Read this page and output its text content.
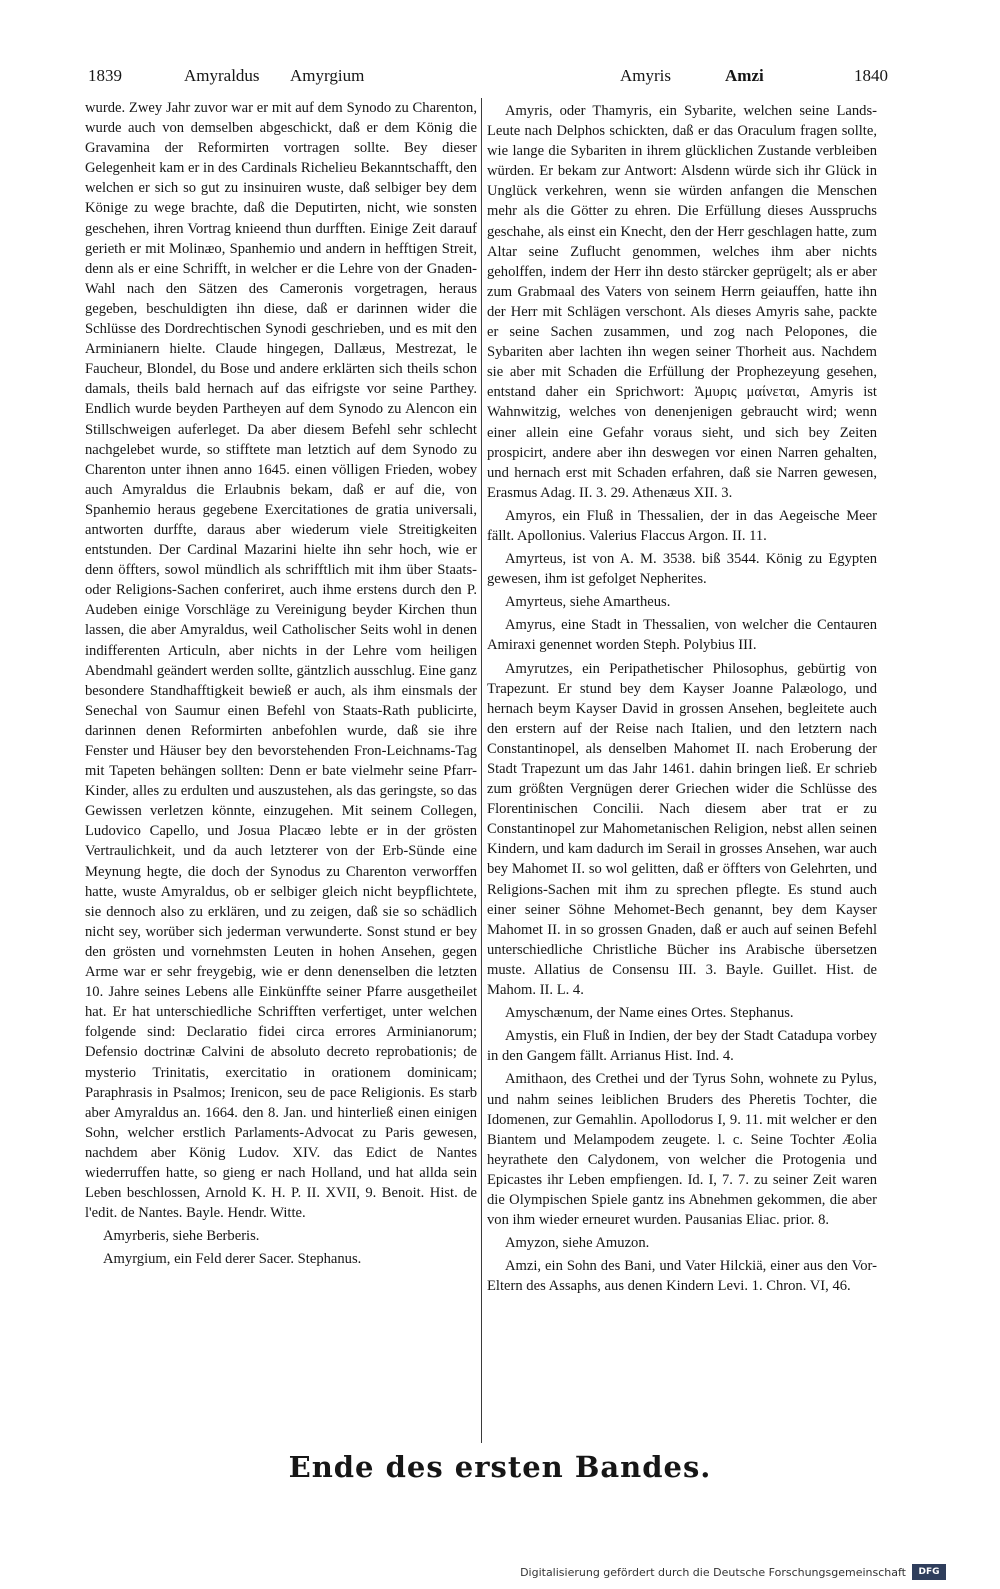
1839	Amyraldus Amyrgium	Amyris	Amzi	1840

wurde. Zwey Jahr zuvor war er mit auf dem Synodo zu Charenton, wurde auch von demselben abgeschickt, daß er dem König die Gravamina der Reformirten vortragen sollte. Bey dieser Gelegenheit kam er in des Cardinals Richelieu Bekanntschafft, den welchen er sich so gut zu insinuiren wuste, daß selbiger bey dem Könige zu wege brachte, daß die Deputirten, nicht, wie sonsten geschehen, ihren Vortrag knieend thun durfften. Einige Zeit darauf gerieth er mit Molinæo, Spanhemio und andern in hefftigen Streit, denn als er eine Schrifft, in welcher er die Lehre von der Gnaden-Wahl nach den Sätzen des Cameronis vorgetragen, heraus gegeben, beschuldigten ihn diese, daß er darinnen wider die Schlüsse des Dordrechtischen Synodi geschrieben, und es mit den Arminianern hielte. Claude hingegen, Dallæus, Mestrezat, le Faucheur, Blondel, du Bose und andere erklärten sich theils schon damals, theils bald hernach auf das eifrigste vor seine Parthey. Endlich wurde beyden Partheyen auf dem Synodo zu Alencon ein Stillschweigen auferleget. Da aber diesem Befehl sehr schlecht nachgelebet wurde, so stifftete man letztich auf dem Synodo zu Charenton unter ihnen anno 1645. einen völligen Frieden, wobey auch Amyraldus die Erlaubnis bekam, daß er auf die, von Spanhemio heraus gegebene Exercitationes de gratia universali, antworten durffte, daraus aber wiederum viele Streitigkeiten entstunden. Der Cardinal Mazarini hielte ihn sehr hoch, wie er denn öffters, sowol mündlich als schrifftlich mit ihm über Staats- oder Religions-Sachen conferiret, auch ihme erstens durch den P. Audeben einige Vorschläge zu Vereinigung beyder Kirchen thun lassen, die aber Amyraldus, weil Catholischer Seits wohl in denen indifferenten Articuln, aber nichts in der Lehre vom heiligen Abendmahl geändert werden sollte, gäntzlich ausschlug. Eine ganz besondere Standhafftigkeit bewieß er auch, als ihm einsmals der Senechal von Saumur einen Befehl von Staats-Rath publicirte, darinnen denen Reformirten anbefohlen wurde, daß sie ihre Fenster und Häuser bey den bevorstehenden Fron-Leichnams-Tag mit Tapeten behängen sollten: Denn er bate vielmehr seine Pfarr-Kinder, alles zu erdulten und auszustehen, als das geringste, so das Gewissen verletzen könnte, einzugehen. Mit seinem Collegen, Ludovico Capello, und Josua Placæo lebte er in der grösten Vertraulichkeit, und da auch letzterer von der Erb-Sünde eine Meynung hegte, die doch der Synodus zu Charenton verworffen hatte, wuste Amyraldus, ob er selbiger gleich nicht beypflichtete, sie dennoch also zu erklären, und zu zeigen, daß sie so schädlich nicht sey, worüber sich jederman verwunderte. Sonst stund er bey den grösten und vornehmsten Leuten in hohen Ansehen, gegen Arme war er sehr freygebig, wie er denn denenselben die letzten 10. Jahre seines Lebens alle Einkünffte seiner Pfarre ausgetheilet hat. Er hat unterschiedliche Schrifften verfertiget, unter welchen folgende sind: Declaratio fidei circa errores Arminianorum; Defensio doctrinæ Calvini de absoluto decreto reprobationis; de mysterio Trinitatis, exercitatio in orationem dominicam; Paraphrasis in Psalmos; Irenicon, seu de pace Religionis. Es starb aber Amyraldus an. 1664. den 8. Jan. und hinterließ einen einigen Sohn, welcher erstlich Parlaments-Advocat zu Paris gewesen, nachdem aber König Ludov. XIV. das Edict de Nantes wiederruffen hatte, so gieng er nach Holland, und hat allda sein Leben beschlossen, Arnold K. H. P. II. XVII, 9. Benoit. Hist. de l'edit. de Nantes. Bayle. Hendr. Witte.

Amyrberis, siehe Berberis.

Amyrgium, ein Feld derer Sacer. Stephanus.

Amyris, oder Thamyris, ein Sybarite, welchen seine Lands-Leute nach Delphos schickten, daß er das Oraculum fragen sollte, wie lange die Sybariten in ihrem glücklichen Zustande verbleiben würden. Er bekam zur Antwort: Alsdenn würde sich ihr Glück in Unglück verkehren, wenn sie würden anfangen die Menschen mehr als die Götter zu ehren. Die Erfüllung dieses Ausspruchs geschahe, als einst ein Knecht, den der Herr geschlagen hatte, zum Altar seine Zuflucht genommen, welches ihm aber nichts geholffen, indem der Herr ihn desto stärcker geprügelt; als er aber zum Grabmaal des Vaters von seinem Herrn geiauffen, hatte ihn der Herr mit Schlägen verschont. Als dieses Amyris sahe, packte er seine Sachen zusammen, und zog nach Pelopones, die Sybariten aber lachten ihn wegen seiner Thorheit aus. Nachdem sie aber mit Schaden die Erfüllung der Prophezeyung gesehen, entstand daher ein Sprichwort: Ἀμυρις μαίνεται, Amyris ist Wahnwitzig, welches von denenjenigen gebraucht wird; wenn einer allein eine Gefahr voraus sieht, und sich bey Zeiten prospicirt, andere aber ihn deswegen vor einen Narren gehalten, und hernach erst mit Schaden erfahren, daß sie Narren gewesen, Erasmus Adag. II. 3. 29. Athenæus XII. 3.

Amyros, ein Fluß in Thessalien, der in das Aegeische Meer fällt. Apollonius. Valerius Flaccus Argon. II. 11.

Amyrteus, ist von A. M. 3538. biß 3544. König zu Egypten gewesen, ihm ist gefolget Nepherites.

Amyrteus, siehe Amartheus.

Amyrus, eine Stadt in Thessalien, von welcher die Centauren Amiraxi genennet worden Steph. Polybius III.

Amyrutzes, ein Peripathetischer Philosophus, gebürtig von Trapezunt. Er stund bey dem Kayser Joanne Palæologo, und hernach beym Kayser David in grossen Ansehen, begleitete auch den erstern auf der Reise nach Italien, und den letztern nach Constantinopel, als denselben Mahomet II. nach Eroberung der Stadt Trapezunt um das Jahr 1461. dahin bringen ließ. Er schrieb zum größten Vergnügen derer Griechen wider die Schlüsse des Florentinischen Concilii. Nach diesem aber trat er zu Constantinopel zur Mahometanischen Religion, nebst allen seinen Kindern, und kam dadurch im Serail in grosses Ansehen, war auch bey Mahomet II. so wol gelitten, daß er öffters von Gelehrten, und Religions-Sachen mit ihm zu sprechen pflegte. Es stund auch einer seiner Söhne Mehomet-Bech genannt, bey dem Kayser Mahomet II. in so grossen Gnaden, daß er auch auf seinen Befehl unterschiedliche Christliche Bücher ins Arabische übersetzen muste. Allatius de Consensu III. 3. Bayle. Guillet. Hist. de Mahom. II. L. 4.

Amyschænum, der Name eines Ortes. Stephanus.

Amystis, ein Fluß in Indien, der bey der Stadt Catadupa vorbey in den Gangem fällt. Arrianus Hist. Ind. 4.

Amithaon, des Crethei und der Tyrus Sohn, wohnete zu Pylus, und nahm seines leiblichen Bruders des Pheretis Tochter, die Idomenen, zur Gemahlin. Apollodorus I, 9. 11. mit welcher er den Biantem und Melampodem zeugete. l. c. Seine Tochter Æolia heyrathete den Calydonem, von welcher die Protogenia und Epicastes ihr Leben empfiengen. Id. I, 7. 7. zu seiner Zeit waren die Olympischen Spiele gantz ins Abnehmen gekommen, die aber von ihm wieder erneuret wurden. Pausanias Eliac. prior. 8.

Amyzon, siehe Amuzon.

Amzi, ein Sohn des Bani, und Vater Hilckiä, einer aus den Vor-Eltern des Assaphs, aus denen Kindern Levi. 1. Chron. VI, 46.

Ende des ersten Bandes.
Digitalisierung gefördert durch die Deutsche Forschungsgemeinschaft	DFG
